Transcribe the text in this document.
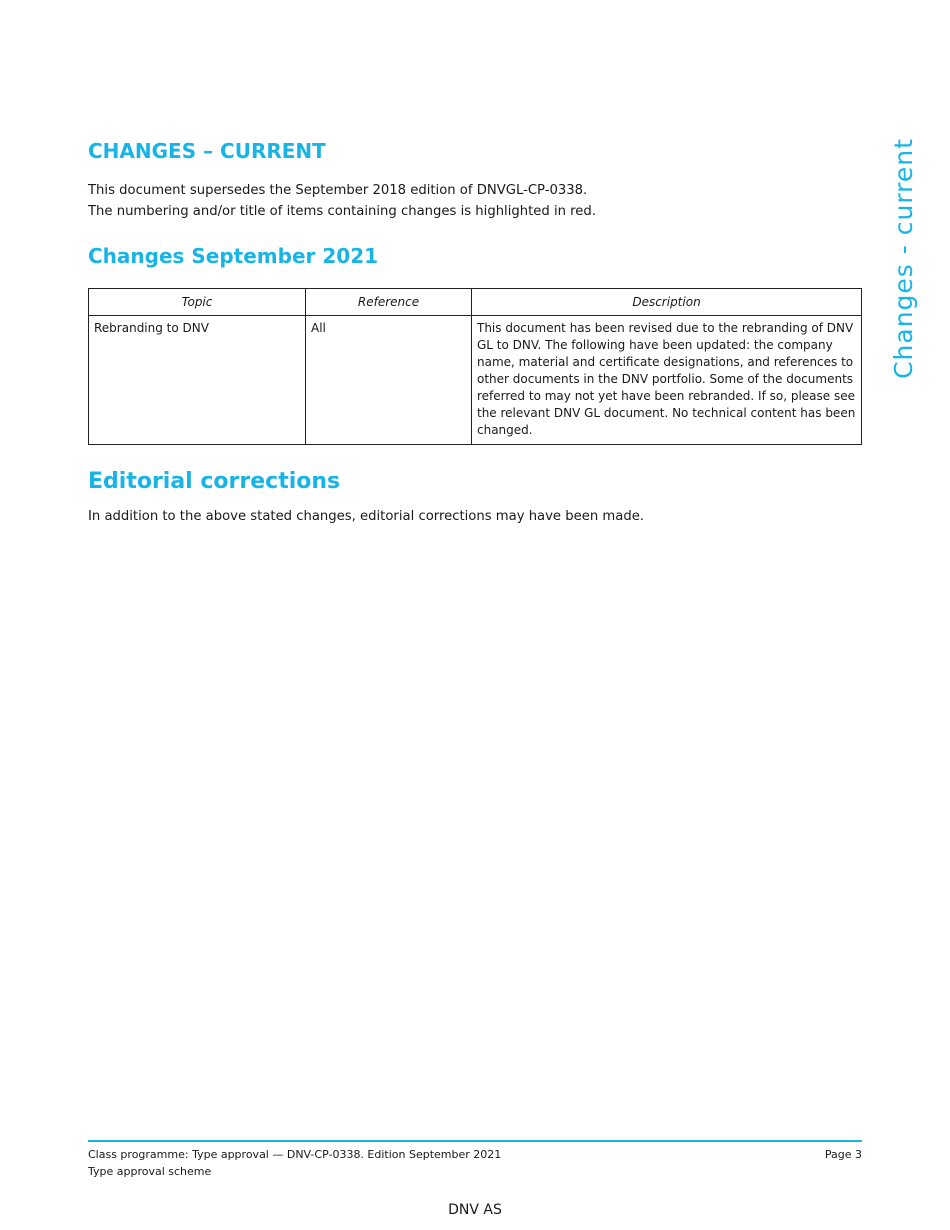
CHANGES – CURRENT
This document supersedes the September 2018 edition of DNVGL-CP-0338.
The numbering and/or title of items containing changes is highlighted in red.
Changes September 2021
Topic	Reference	Description
Rebranding to DNV	All	This document has been revised due to the rebranding of DNV GL to DNV. The following have been updated: the company name, material and certificate designations, and references to other documents in the DNV portfolio. Some of the documents referred to may not yet have been rebranded. If so, please see the relevant DNV GL document. No technical content has been changed.
Editorial corrections

In addition to the above stated changes, editorial corrections may have been made.

Changes - current
Class programme: Type approval — DNV-CP-0338. Edition September 2021
Type approval scheme
Page 3
DNV AS
